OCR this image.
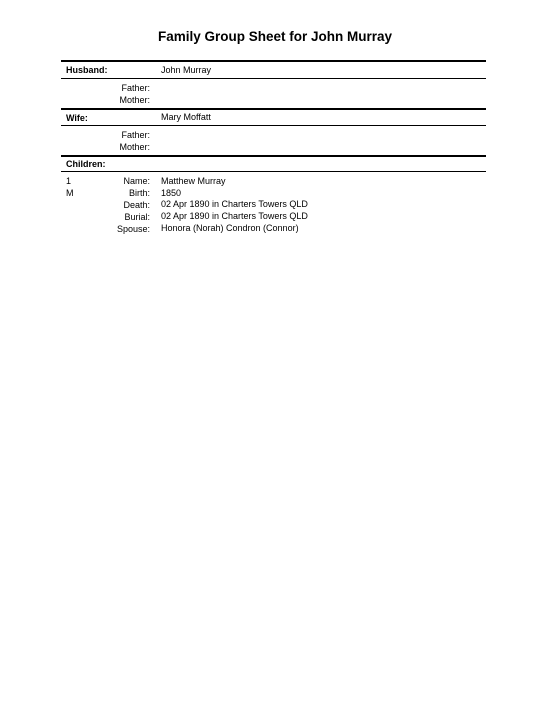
Family Group Sheet for John Murray
Husband:	John Murray
Father:
Mother:
Wife:	Mary Moffatt
Father:
Mother:
Children:
1
M
Name: Matthew Murray
Birth: 1850
Death: 02 Apr 1890 in Charters Towers QLD
Burial: 02 Apr 1890 in Charters Towers QLD
Spouse: Honora (Norah) Condron (Connor)
